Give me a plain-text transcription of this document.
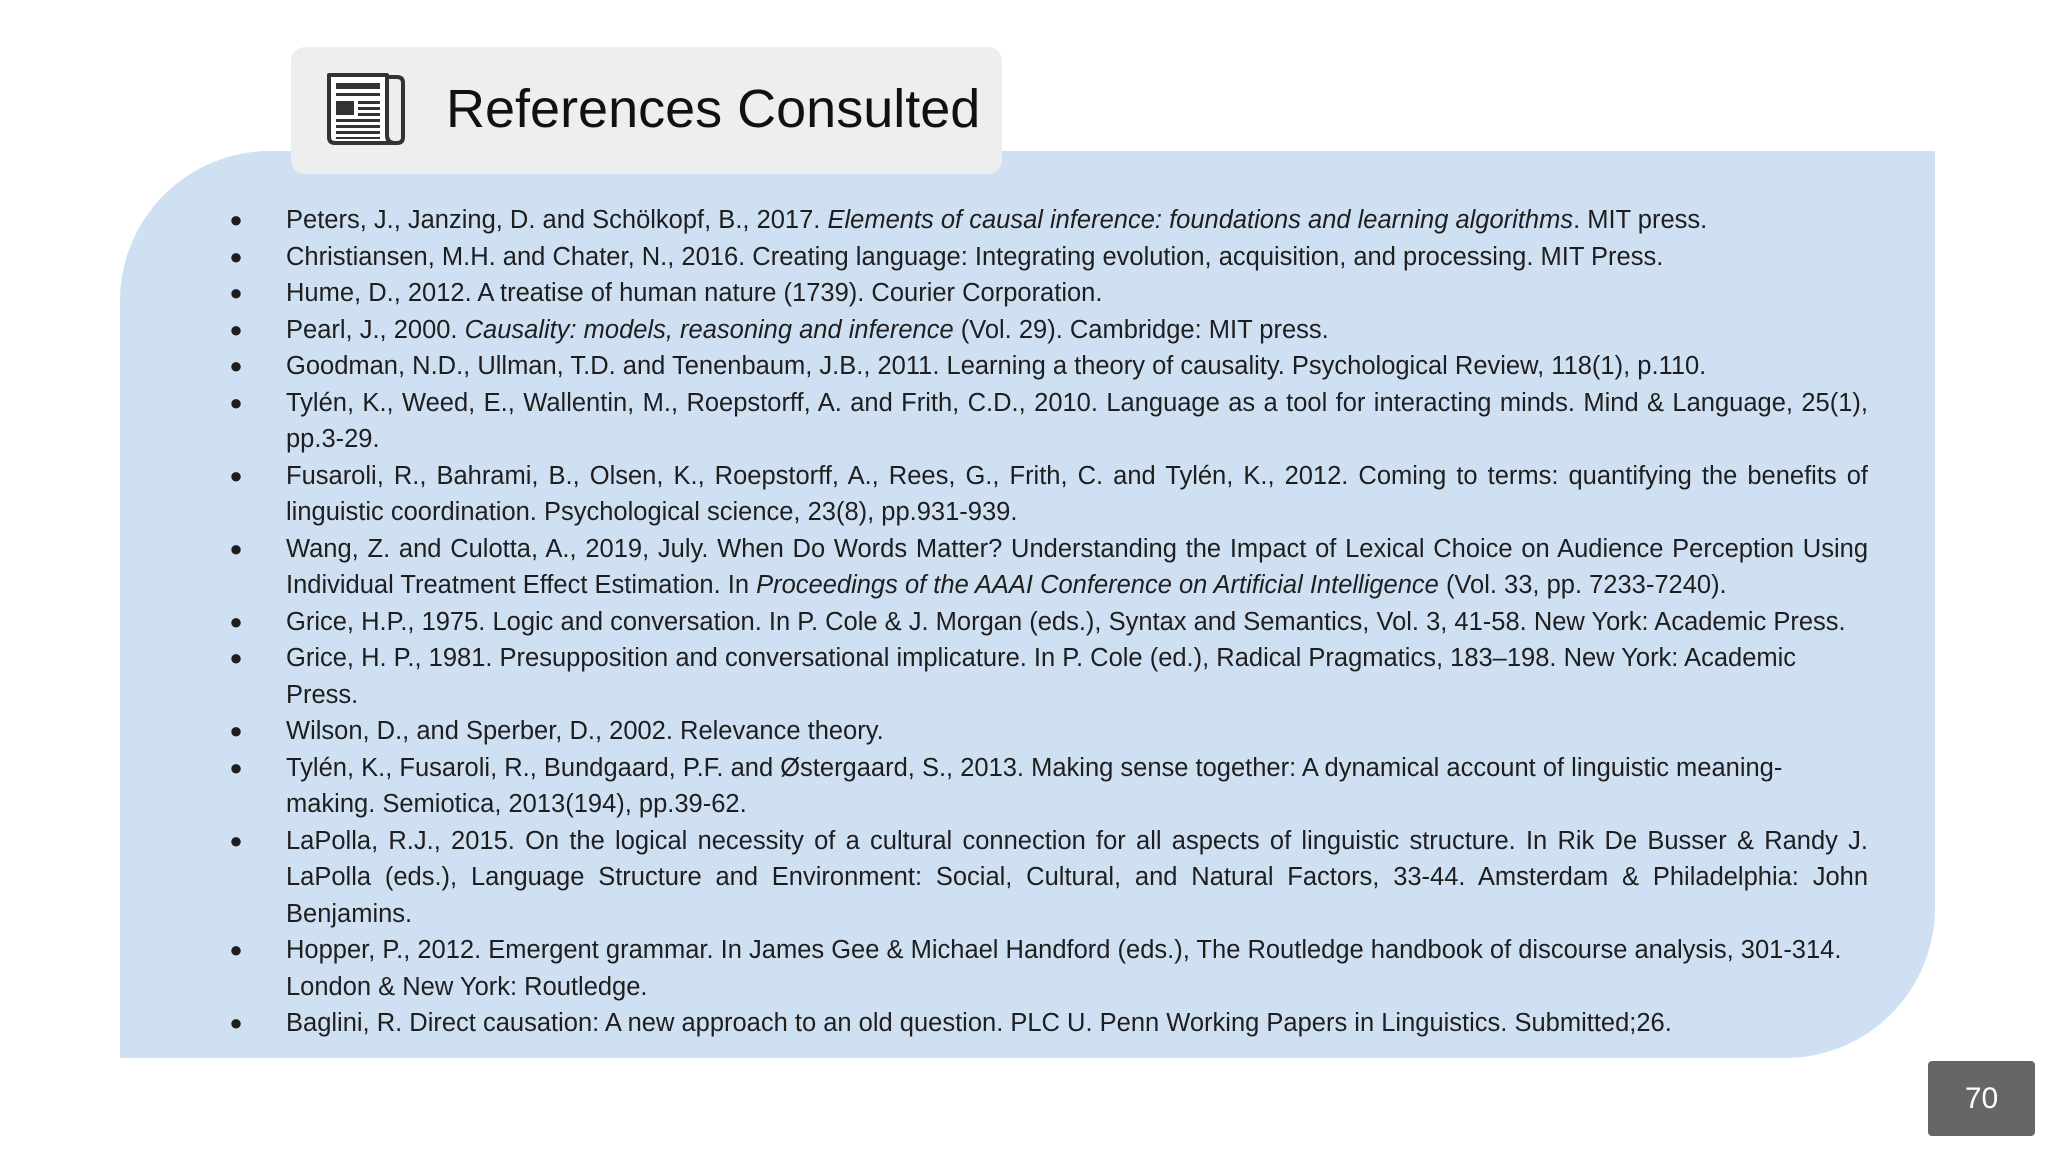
References Consulted
● Peters, J., Janzing, D. and Schölkopf, B., 2017. Elements of causal inference: foundations and learning algorithms. MIT press.
● Christiansen, M.H. and Chater, N., 2016. Creating language: Integrating evolution, acquisition, and processing. MIT Press.
● Hume, D., 2012. A treatise of human nature (1739). Courier Corporation.
● Pearl, J., 2000. Causality: models, reasoning and inference (Vol. 29). Cambridge: MIT press.
● Goodman, N.D., Ullman, T.D. and Tenenbaum, J.B., 2011. Learning a theory of causality. Psychological Review, 118(1), p.110.
● Tylén, K., Weed, E., Wallentin, M., Roepstorff, A. and Frith, C.D., 2010. Language as a tool for interacting minds. Mind & Language, 25(1), pp.3-29.
● Fusaroli, R., Bahrami, B., Olsen, K., Roepstorff, A., Rees, G., Frith, C. and Tylén, K., 2012. Coming to terms: quantifying the benefits of linguistic coordination. Psychological science, 23(8), pp.931-939.
● Wang, Z. and Culotta, A., 2019, July. When Do Words Matter? Understanding the Impact of Lexical Choice on Audience Perception Using Individual Treatment Effect Estimation. In Proceedings of the AAAI Conference on Artificial Intelligence (Vol. 33, pp. 7233-7240).
● Grice, H.P., 1975. Logic and conversation. In P. Cole & J. Morgan (eds.), Syntax and Semantics, Vol. 3, 41-58. New York: Academic Press.
● Grice, H. P., 1981. Presupposition and conversational implicature. In P. Cole (ed.), Radical Pragmatics, 183–198. New York: Academic Press.
● Wilson, D., and Sperber, D., 2002. Relevance theory.
● Tylén, K., Fusaroli, R., Bundgaard, P.F. and Østergaard, S., 2013. Making sense together: A dynamical account of linguistic meaning-making. Semiotica, 2013(194), pp.39-62.
● LaPolla, R.J., 2015. On the logical necessity of a cultural connection for all aspects of linguistic structure. In Rik De Busser & Randy J. LaPolla (eds.), Language Structure and Environment: Social, Cultural, and Natural Factors, 33-44. Amsterdam & Philadelphia: John Benjamins.
● Hopper, P., 2012. Emergent grammar. In James Gee & Michael Handford (eds.), The Routledge handbook of discourse analysis, 301-314. London & New York: Routledge.
● Baglini, R. Direct causation: A new approach to an old question. PLC U. Penn Working Papers in Linguistics. Submitted;26.
70
